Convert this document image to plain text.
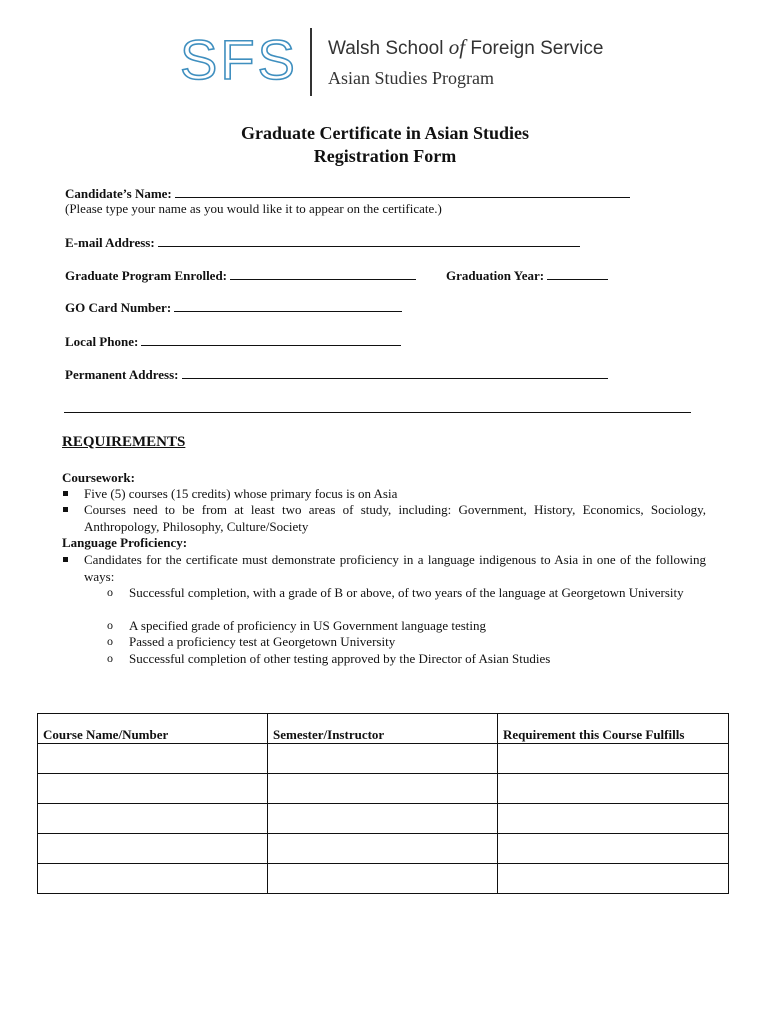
SFS Walsh School of Foreign Service
Asian Studies Program
Graduate Certificate in Asian Studies
Registration Form
Candidate’s Name:
(Please type your name as you would like it to appear on the certificate.)
E-mail Address:
Graduate Program Enrolled:	Graduation Year:
GO Card Number:
Local Phone:
Permanent Address:
REQUIREMENTS
Coursework:
Five (5) courses (15 credits) whose primary focus is on Asia
Courses need to be from at least two areas of study, including: Government, History, Economics, Sociology, Anthropology, Philosophy, Culture/Society
Language Proficiency:
Candidates for the certificate must demonstrate proficiency in a language indigenous to Asia in one of the following ways:
o Successful completion, with a grade of B or above, of two years of the language at Georgetown University
o A specified grade of proficiency in US Government language testing
o Passed a proficiency test at Georgetown University
o Successful completion of other testing approved by the Director of Asian Studies
Course Name/Number	Semester/Instructor	Requirement this Course Fulfills
